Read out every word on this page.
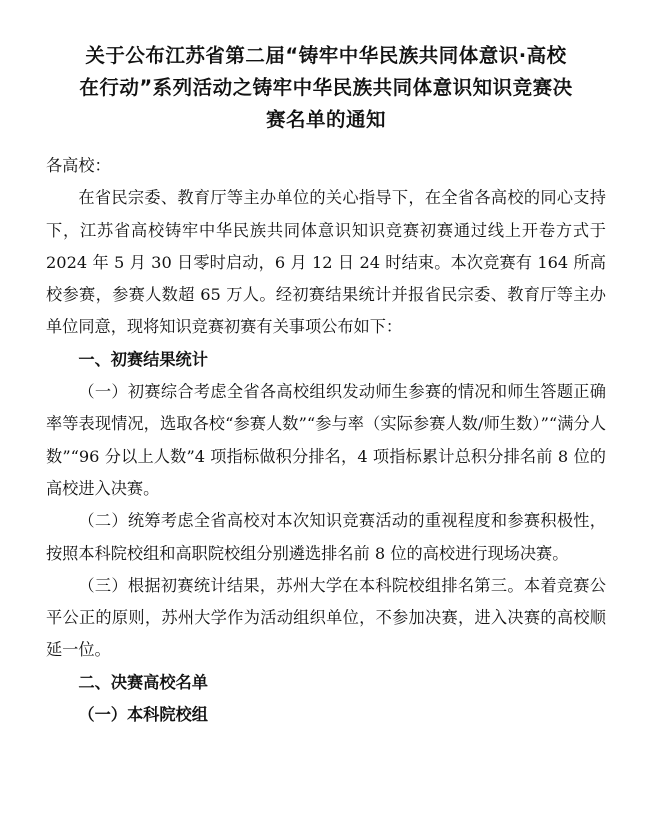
关于公布江苏省第二届“铸牢中华民族共同体意识·高校
在行动”系列活动之铸牢中华民族共同体意识知识竞赛决
赛名单的通知

各高校：

在省民宗委、教育厅等主办单位的关心指导下，在全省各高校的同心支持下，江苏省高校铸牢中华民族共同体意识知识竞赛初赛通过线上开卷方式于 2024 年 5 月 30 日零时启动，6 月 12 日 24 时结束。本次竞赛有 164 所高校参赛，参赛人数超 65 万人。经初赛结果统计并报省民宗委、教育厅等主办单位同意，现将知识竞赛初赛有关事项公布如下：

一、初赛结果统计

（一）初赛综合考虑全省各高校组织发动师生参赛的情况和师生答题正确率等表现情况，选取各校“参赛人数”“参与率（实际参赛人数/师生数）”“满分人数”“96 分以上人数”4 项指标做积分排名，4 项指标累计总积分排名前 8 位的高校进入决赛。

（二）统筹考虑全省高校对本次知识竞赛活动的重视程度和参赛积极性，按照本科院校组和高职院校组分别遴选排名前 8 位的高校进行现场决赛。

（三）根据初赛统计结果，苏州大学在本科院校组排名第三。本着竞赛公平公正的原则，苏州大学作为活动组织单位，不参加决赛，进入决赛的高校顺延一位。

二、决赛高校名单

（一）本科院校组
